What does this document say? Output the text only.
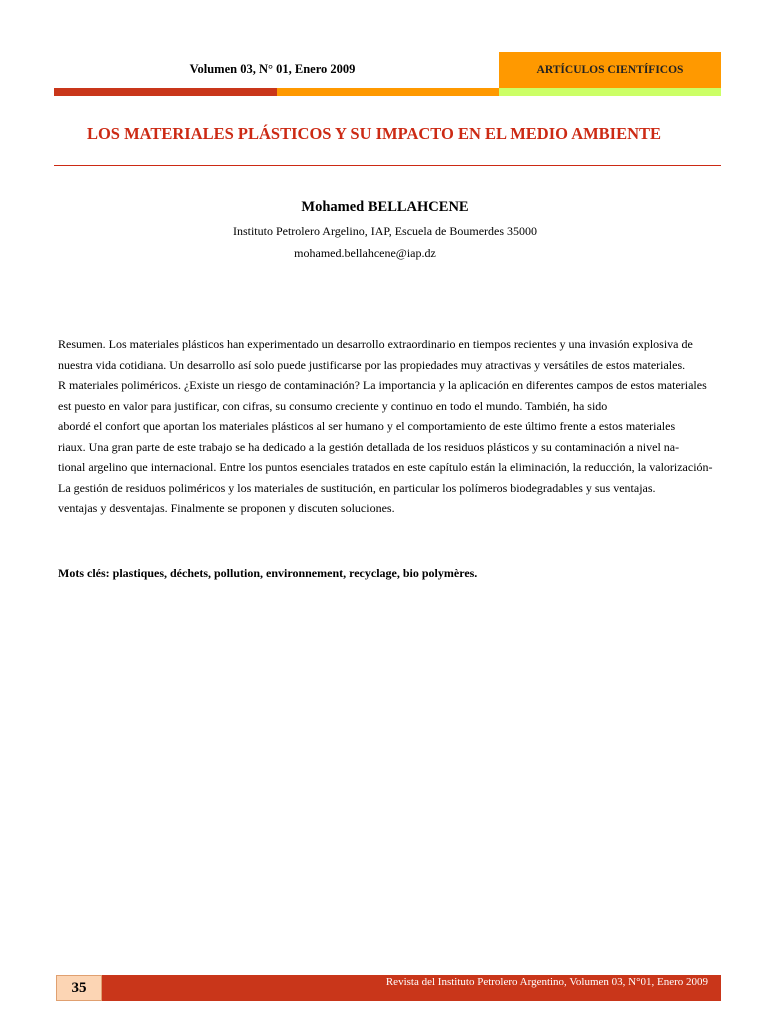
Volumen 03, N° 01, Enero 2009	ARTÍCULOS CIENTÍFICOS
LOS MATERIALES PLÁSTICOS Y SU IMPACTO EN EL MEDIO AMBIENTE
Mohamed BELLAHCENE
Instituto Petrolero Argelino, IAP, Escuela de Boumerdes 35000
mohamed.bellahcene@iap.dz
Resumen. Los materiales plásticos han experimentado un desarrollo extraordinario en tiempos recientes y una invasión explosiva de
nuestra vida cotidiana. Un desarrollo así solo puede justificarse por las propiedades muy atractivas y versátiles de estos materiales.
R materiales poliméricos. ¿Existe un riesgo de contaminación? La importancia y la aplicación en diferentes campos de estos materiales
est puesto en valor para justificar, con cifras, su consumo creciente y continuo en todo el mundo. También, ha sido
abordé el confort que aportan los materiales plásticos al ser humano y el comportamiento de este último frente a estos materiales
riaux. Una gran parte de este trabajo se ha dedicado a la gestión detallada de los residuos plásticos y su contaminación a nivel na-
tional argelino que internacional. Entre los puntos esenciales tratados en este capítulo están la eliminación, la reducción, la valorización-
La gestión de residuos poliméricos y los materiales de sustitución, en particular los polímeros biodegradables y sus ventajas.
ventajas y desventajas. Finalmente se proponen y discuten soluciones.
Mots clés: plastiques, déchets, pollution, environnement, recyclage, bio polymères.
Revista del Instituto Petrolero Argentino, Volumen 03, N°01, Enero 2009
35
